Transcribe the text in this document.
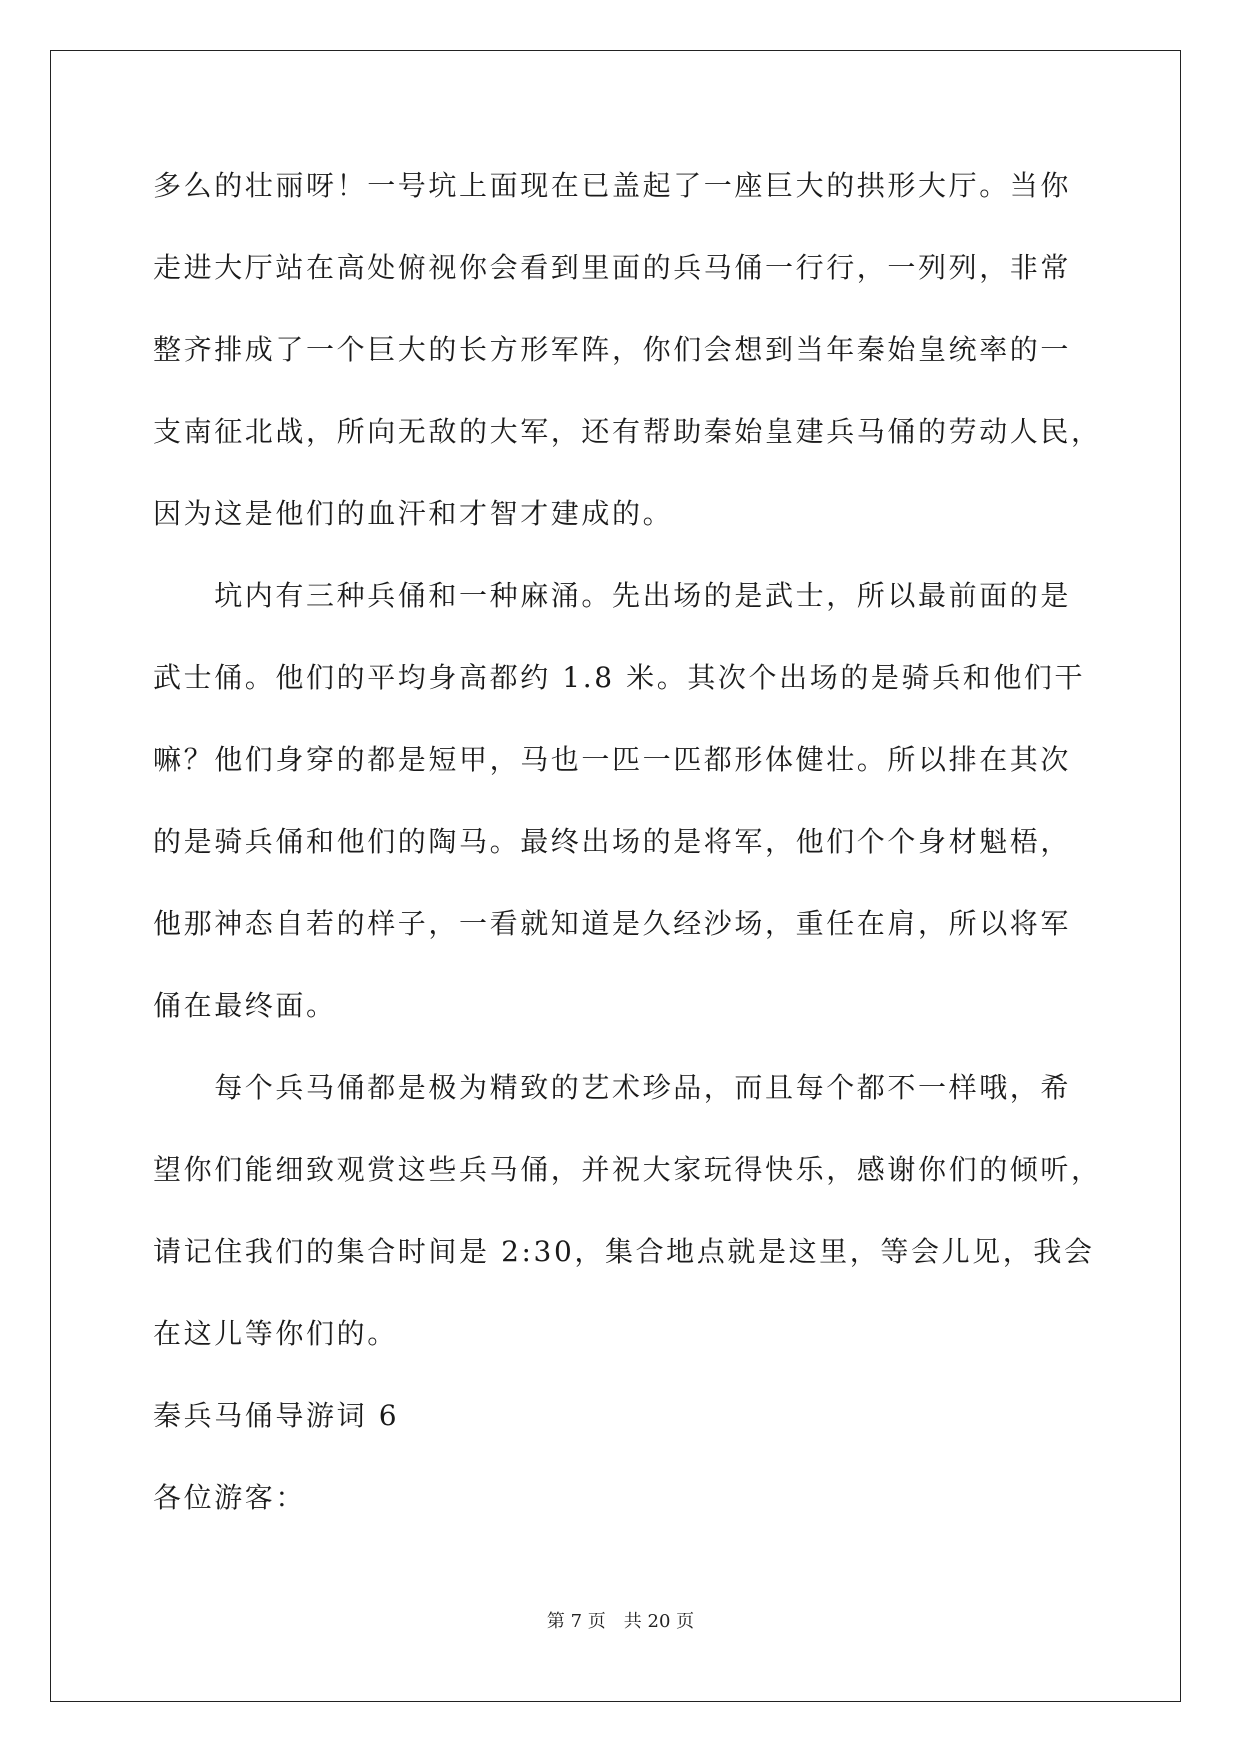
多么的壮丽呀！一号坑上面现在已盖起了一座巨大的拱形大厅。当你
走进大厅站在高处俯视你会看到里面的兵马俑一行行，一列列，非常
整齐排成了一个巨大的长方形军阵，你们会想到当年秦始皇统率的一
支南征北战，所向无敌的大军，还有帮助秦始皇建兵马俑的劳动人民，
因为这是他们的血汗和才智才建成的。
　　坑内有三种兵俑和一种麻涌。先出场的是武士，所以最前面的是
武士俑。他们的平均身高都约 1.8 米。其次个出场的是骑兵和他们干
嘛？他们身穿的都是短甲，马也一匹一匹都形体健壮。所以排在其次
的是骑兵俑和他们的陶马。最终出场的是将军，他们个个身材魁梧，
他那神态自若的样子，一看就知道是久经沙场，重任在肩，所以将军
俑在最终面。
　　每个兵马俑都是极为精致的艺术珍品，而且每个都不一样哦，希
望你们能细致观赏这些兵马俑，并祝大家玩得快乐，感谢你们的倾听，
请记住我们的集合时间是 2:30，集合地点就是这里，等会儿见，我会
在这儿等你们的。
秦兵马俑导游词 6
各位游客：
第 7 页　共 20 页
